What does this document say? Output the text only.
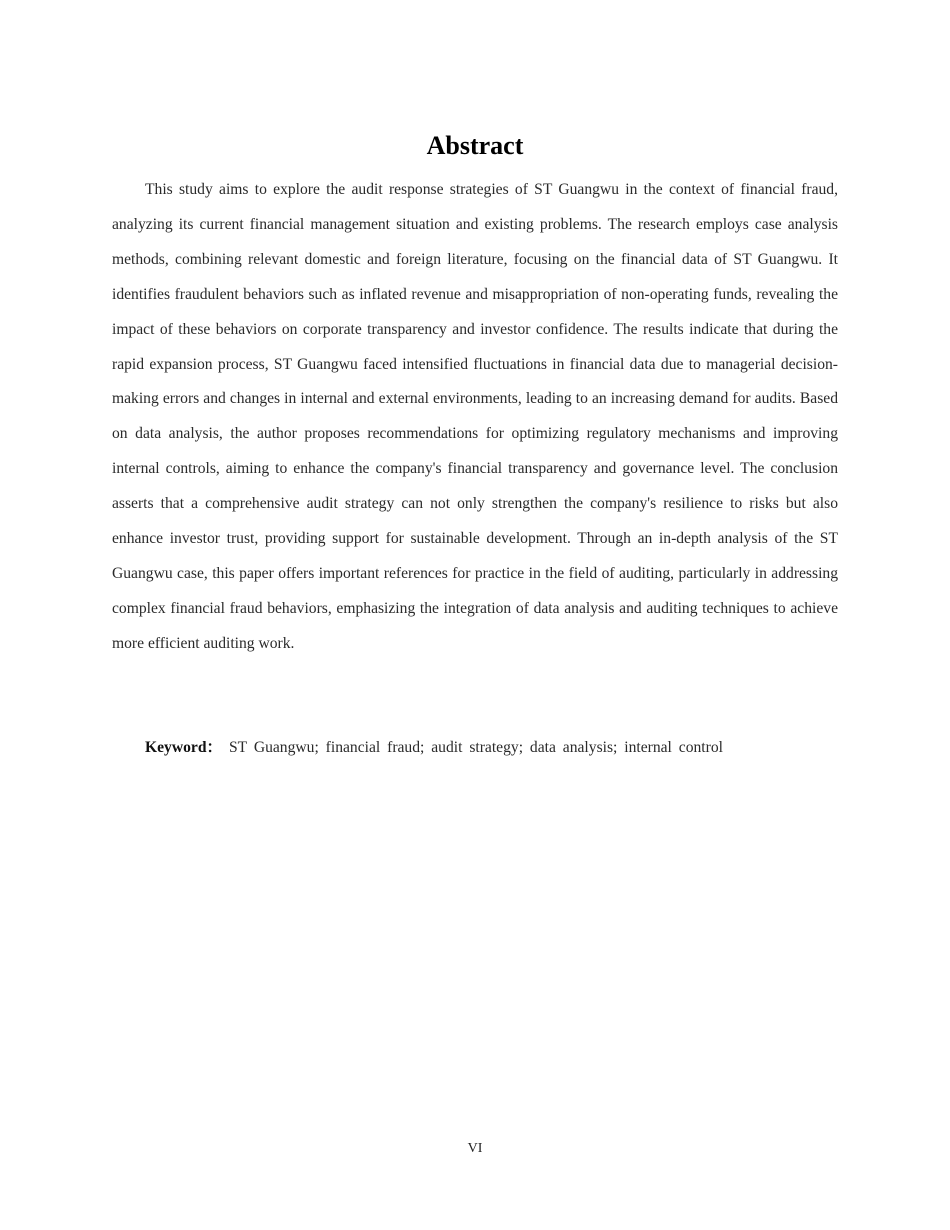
Abstract

This study aims to explore the audit response strategies of ST Guangwu in the context of financial fraud, analyzing its current financial management situation and existing problems. The research employs case analysis methods, combining relevant domestic and foreign literature, focusing on the financial data of ST Guangwu. It identifies fraudulent behaviors such as inflated revenue and misappropriation of non-operating funds, revealing the impact of these behaviors on corporate transparency and investor confidence. The results indicate that during the rapid expansion process, ST Guangwu faced intensified fluctuations in financial data due to managerial decision-making errors and changes in internal and external environments, leading to an increasing demand for audits. Based on data analysis, the author proposes recommendations for optimizing regulatory mechanisms and improving internal controls, aiming to enhance the company's financial transparency and governance level. The conclusion asserts that a comprehensive audit strategy can not only strengthen the company's resilience to risks but also enhance investor trust, providing support for sustainable development. Through an in-depth analysis of the ST Guangwu case, this paper offers important references for practice in the field of auditing, particularly in addressing complex financial fraud behaviors, emphasizing the integration of data analysis and auditing techniques to achieve more efficient auditing work.

Keyword： ST Guangwu; financial fraud; audit strategy; data analysis; internal control

VI
